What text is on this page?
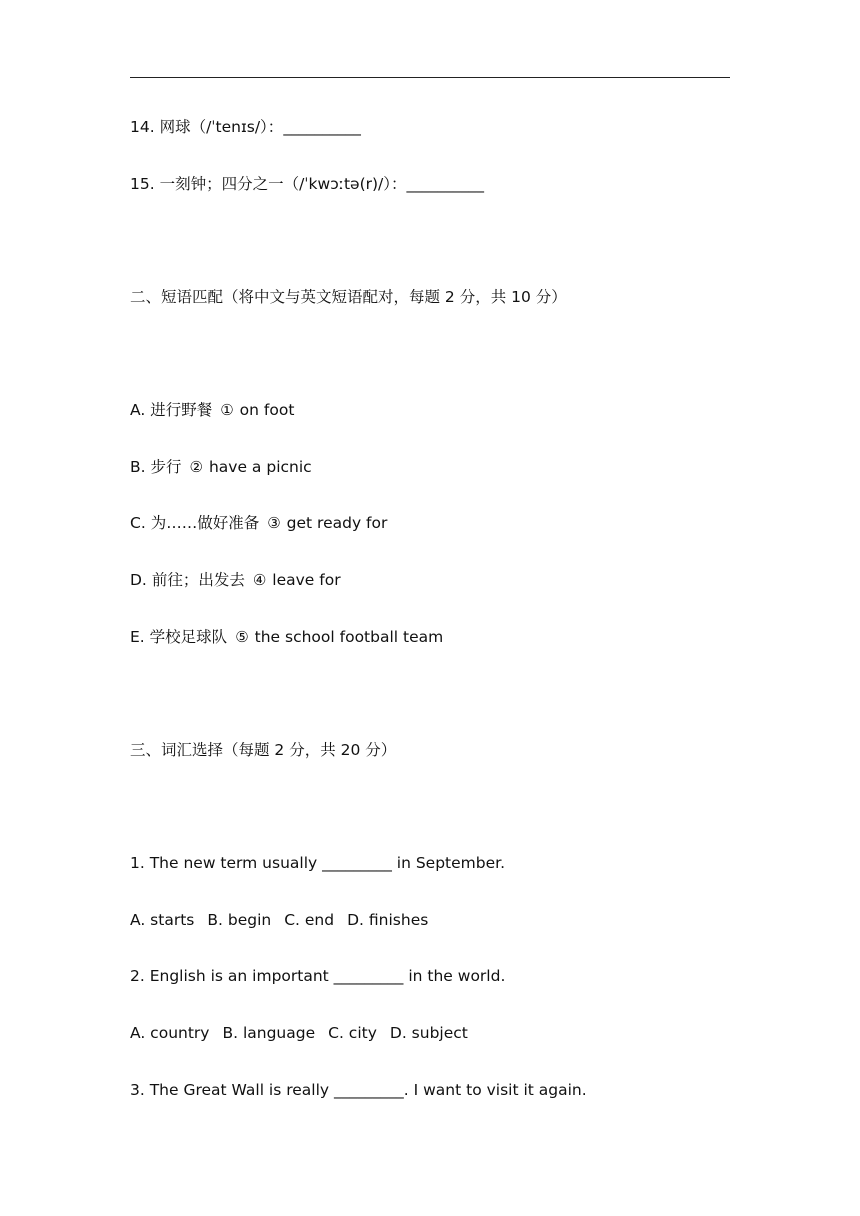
14. 网球（/ˈtenɪs/）：__________
15. 一刻钟；四分之一（/ˈkwɔːtə(r)/）：__________
二、短语匹配（将中文与英文短语配对，每题 2 分，共 10 分）
A. 进行野餐 ① on foot
B. 步行 ② have a picnic
C. 为……做好准备 ③ get ready for
D. 前往；出发去 ④ leave for
E. 学校足球队 ⑤ the school football team
三、词汇选择（每题 2 分，共 20 分）
1. The new term usually _________ in September.
A. starts B. begin C. end D. finishes
2. English is an important _________ in the world.
A. country B. language C. city D. subject
3. The Great Wall is really _________. I want to visit it again.
